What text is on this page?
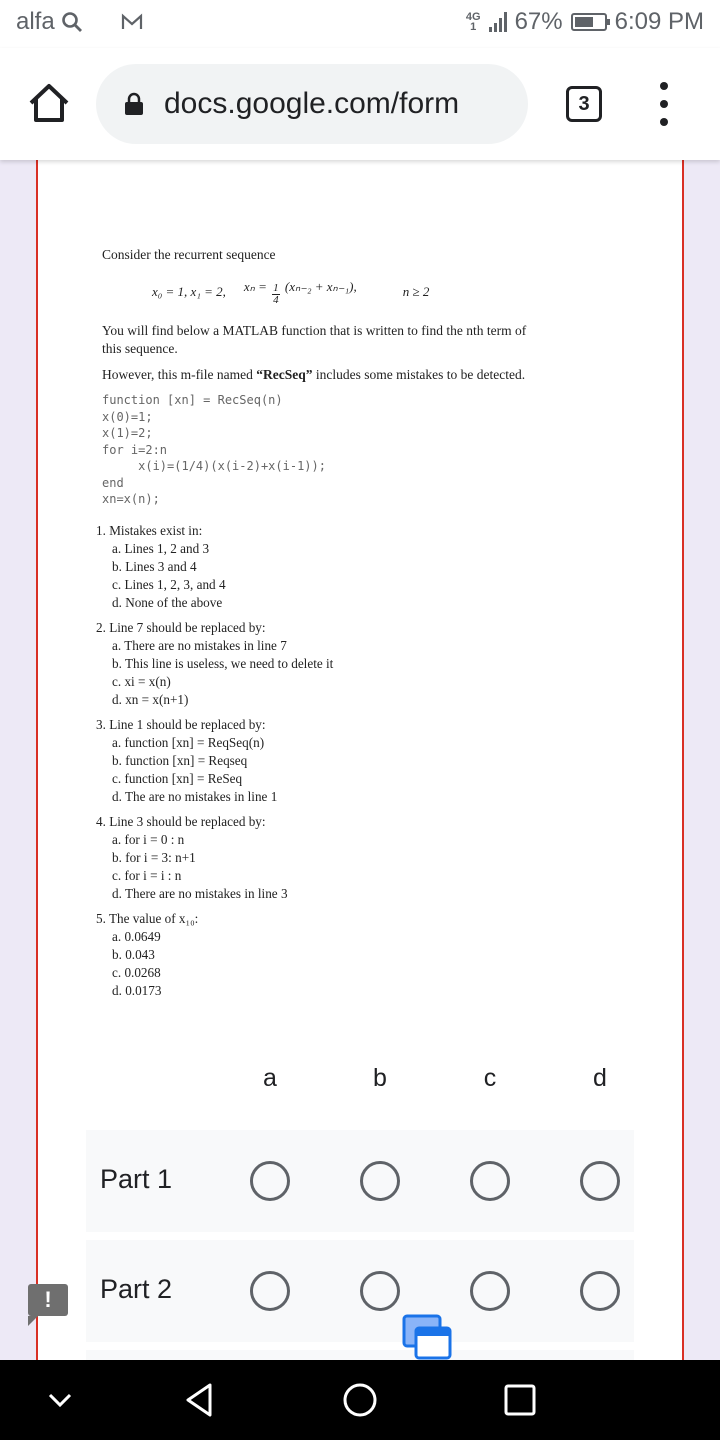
alfa	4G
1 67% 6:09 PM
docs.google.com/form	3

Consider the recurrent sequence

x₀ = 1, x₁ = 2, $x_n = \frac{1}{4} (x_{n-2} + x_{n-1})$,	n ≥ 2

You will find below a MATLAB function that is written to find the nth term of this sequence.

However, this m-file named “RecSeq” includes some mistakes to be detected.

function [xn] = RecSeq(n)
x(0)=1;
x(1)=2;
for i=2:n
x(i)=(1/4)(x(i-2)+x(i-1));
end
xn=x(n);
1. Mistakes exist in:
a. Lines 1, 2 and 3
b. Lines 3 and 4
c. Lines 1, 2, 3, and 4
d. None of the above
2. Line 7 should be replaced by:
a. There are no mistakes in line 7
b. This line is useless, we need to delete it
c. xi = x(n)
d. xn = x(n+1)
3. Line 1 should be replaced by:
a. function [xn] = ReqSeq(n)
b. function [xn] = Reqseq
c. function [xn] = ReSeq
d. The are no mistakes in line 1
4. Line 3 should be replaced by:
a. for i = 0 : n
b. for i = 3: n+1
c. for i = i : n
d. There are no mistakes in line 3
5. The value of x₁₀:
a. 0.0649
b. 0.043
c. 0.0268
d. 0.0173
a	b	c	d
Part 1
Part 2
!
